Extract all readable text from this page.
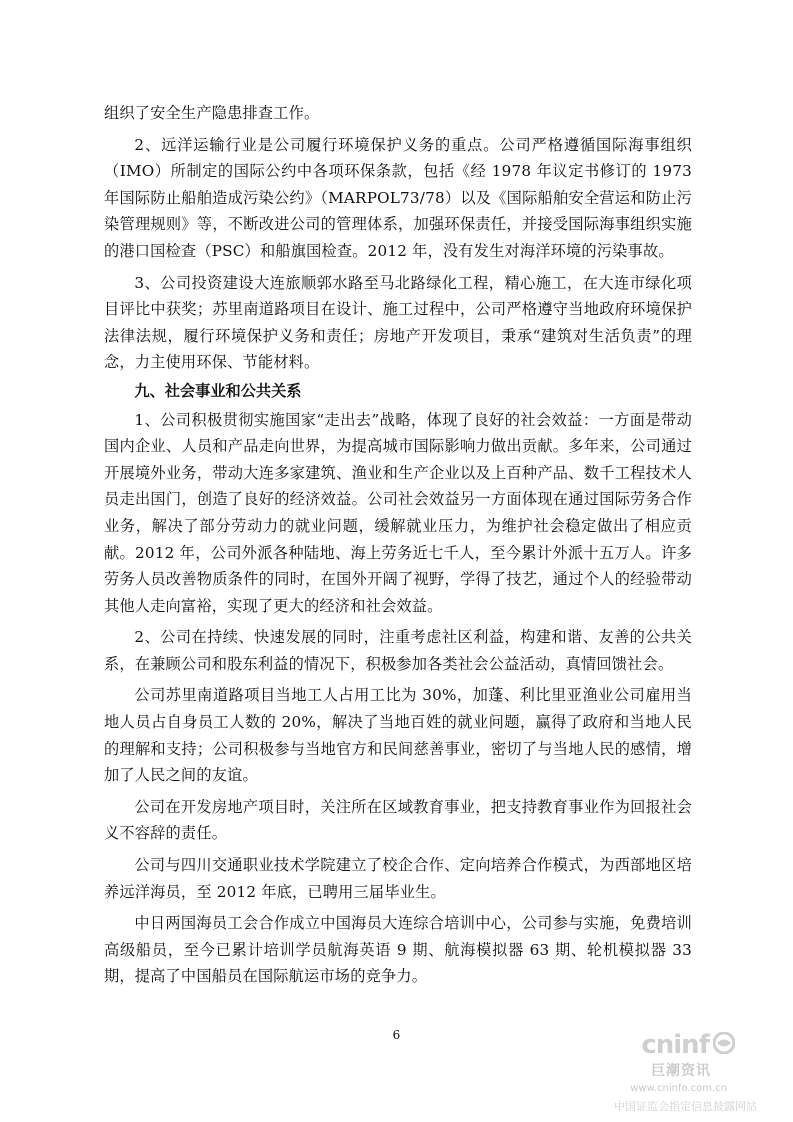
组织了安全生产隐患排查工作。

2、远洋运输行业是公司履行环境保护义务的重点。公司严格遵循国际海事组织（IMO）所制定的国际公约中各项环保条款，包括《经 1978 年议定书修订的 1973 年国际防止船舶造成污染公约》（MARPOL73/78）以及《国际船舶安全营运和防止污染管理规则》等，不断改进公司的管理体系，加强环保责任，并接受国际海事组织实施的港口国检查（PSC）和船旗国检查。2012 年，没有发生对海洋环境的污染事故。

3、公司投资建设大连旅顺郭水路至马北路绿化工程，精心施工，在大连市绿化项目评比中获奖；苏里南道路项目在设计、施工过程中，公司严格遵守当地政府环境保护法律法规，履行环境保护义务和责任；房地产开发项目，秉承“建筑对生活负责”的理念，力主使用环保、节能材料。

九、社会事业和公共关系

1、公司积极贯彻实施国家“走出去”战略，体现了良好的社会效益：一方面是带动国内企业、人员和产品走向世界，为提高城市国际影响力做出贡献。多年来，公司通过开展境外业务，带动大连多家建筑、渔业和生产企业以及上百种产品、数千工程技术人员走出国门，创造了良好的经济效益。公司社会效益另一方面体现在通过国际劳务合作业务，解决了部分劳动力的就业问题，缓解就业压力，为维护社会稳定做出了相应贡献。2012 年，公司外派各种陆地、海上劳务近七千人，至今累计外派十五万人。许多劳务人员改善物质条件的同时，在国外开阔了视野，学得了技艺，通过个人的经验带动其他人走向富裕，实现了更大的经济和社会效益。

2、公司在持续、快速发展的同时，注重考虑社区利益，构建和谐、友善的公共关系，在兼顾公司和股东利益的情况下，积极参加各类社会公益活动，真情回馈社会。

公司苏里南道路项目当地工人占用工比为 30%，加蓬、利比里亚渔业公司雇用当地人员占自身员工人数的 20%，解决了当地百姓的就业问题，赢得了政府和当地人民的理解和支持；公司积极参与当地官方和民间慈善事业，密切了与当地人民的感情，增加了人民之间的友谊。

公司在开发房地产项目时，关注所在区域教育事业，把支持教育事业作为回报社会义不容辞的责任。

公司与四川交通职业技术学院建立了校企合作、定向培养合作模式，为西部地区培养远洋海员，至 2012 年底，已聘用三届毕业生。

中日两国海员工会合作成立中国海员大连综合培训中心，公司参与实施，免费培训高级船员，至今已累计培训学员航海英语 9 期、航海模拟器 63 期、轮机模拟器 33 期，提高了中国船员在国际航运市场的竞争力。

6	cninf
巨潮资讯
www.cninfo.com.cn
中国证监会指定信息披露网站
